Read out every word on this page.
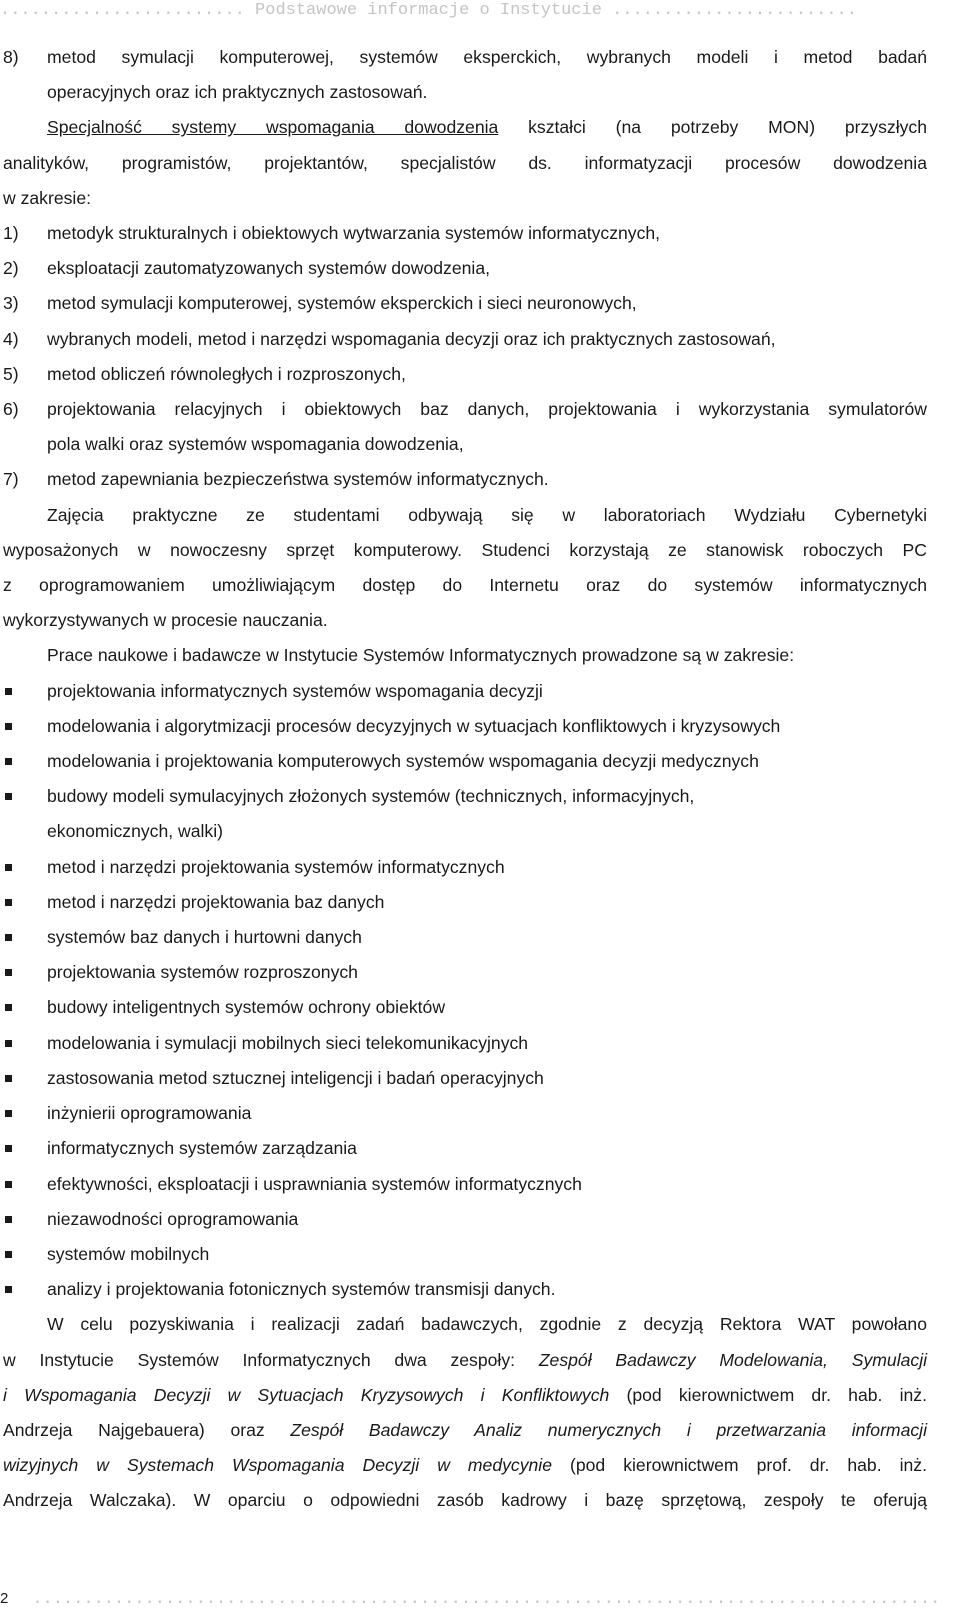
........................ Podstawowe informacje o Instytucie ........................
8)	metod symulacji komputerowej, systemów eksperckich, wybranych modeli i metod badań
operacyjnych oraz ich praktycznych zastosowań.
Specjalność systemy wspomagania dowodzenia kształci (na potrzeby MON) przyszłych
analityków, programistów, projektantów, specjalistów ds. informatyzacji procesów dowodzenia
w zakresie:
1)	metodyk strukturalnych i obiektowych wytwarzania systemów informatycznych,
2)	eksploatacji zautomatyzowanych systemów dowodzenia,
3)	metod symulacji komputerowej, systemów eksperckich i sieci neuronowych,
4)	wybranych modeli, metod i narzędzi wspomagania decyzji oraz ich praktycznych zastosowań,
5)	metod obliczeń równoległych i rozproszonych,
6)	projektowania relacyjnych i obiektowych baz danych, projektowania i wykorzystania symulatorów
pola walki oraz systemów wspomagania dowodzenia,
7)	metod zapewniania bezpieczeństwa systemów informatycznych.
Zajęcia praktyczne ze studentami odbywają się w laboratoriach Wydziału Cybernetyki
wyposażonych w nowoczesny sprzęt komputerowy. Studenci korzystają ze stanowisk roboczych PC
z oprogramowaniem umożliwiającym dostęp do Internetu oraz do systemów informatycznych
wykorzystywanych w procesie nauczania.
Prace naukowe i badawcze w Instytucie Systemów Informatycznych prowadzone są w zakresie:
projektowania informatycznych systemów wspomagania decyzji
modelowania i algorytmizacji procesów decyzyjnych w sytuacjach konfliktowych i kryzysowych
modelowania i projektowania komputerowych systemów wspomagania decyzji medycznych
budowy modeli symulacyjnych złożonych systemów (technicznych, informacyjnych,
ekonomicznych, walki)
metod i narzędzi projektowania systemów informatycznych
metod i narzędzi projektowania baz danych
systemów baz danych i hurtowni danych
projektowania systemów rozproszonych
budowy inteligentnych systemów ochrony obiektów
modelowania i symulacji mobilnych sieci telekomunikacyjnych
zastosowania metod sztucznej inteligencji i badań operacyjnych
inżynierii oprogramowania
informatycznych systemów zarządzania
efektywności, eksploatacji i usprawniania systemów informatycznych
niezawodności oprogramowania
systemów mobilnych
analizy i projektowania fotonicznych systemów transmisji danych.
W celu pozyskiwania i realizacji zadań badawczych, zgodnie z decyzją Rektora WAT powołano
w Instytucie Systemów Informatycznych dwa zespoły: Zespół Badawczy Modelowania, Symulacji
i Wspomagania Decyzji w Sytuacjach Kryzysowych i Konfliktowych (pod kierownictwem dr. hab. inż.
Andrzeja Najgebauera) oraz Zespół Badawczy Analiz numerycznych i przetwarzania informacji
wizyjnych w Systemach Wspomagania Decyzji w medycynie (pod kierownictwem prof. dr. hab. inż.
Andrzeja Walczaka). W oparciu o odpowiedni zasób kadrowy i bazę sprzętową, zespoły te oferują
2 .........................................................................................
